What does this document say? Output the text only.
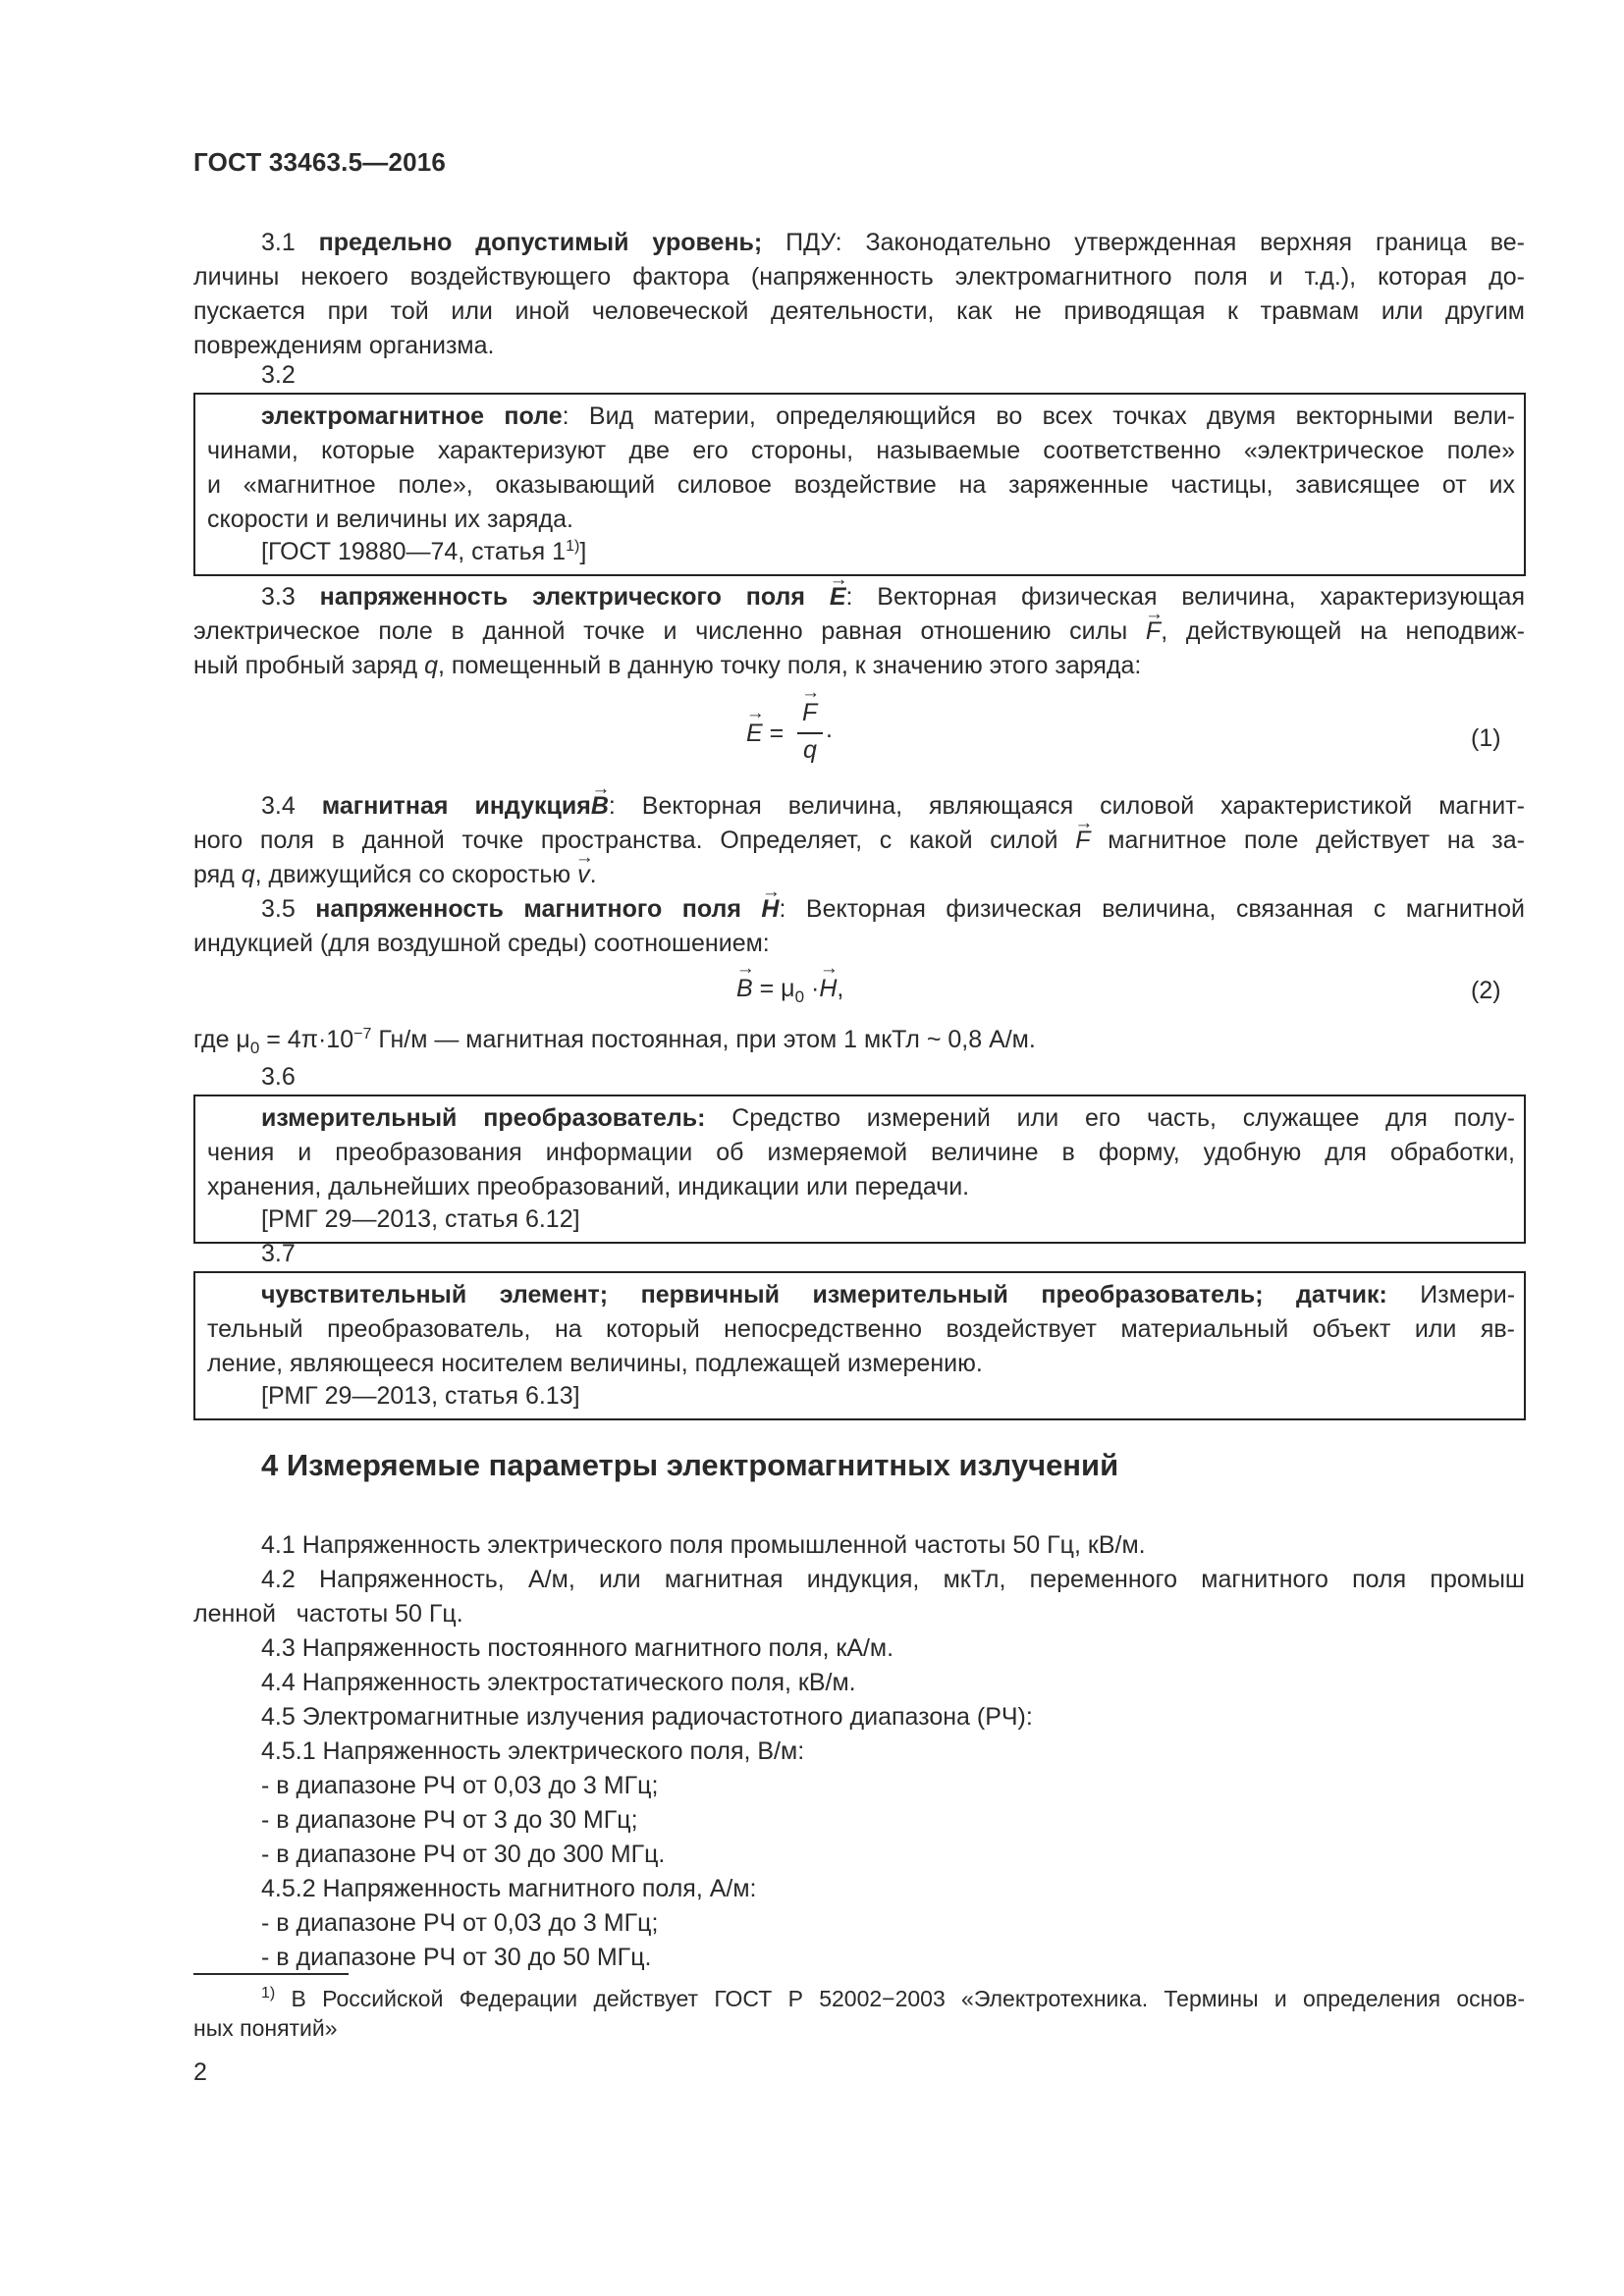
ГОСТ 33463.5—2016
3.1 предельно допустимый уровень; ПДУ: Законодательно утвержденная верхняя граница ве-
личины некоего воздействующего фактора (напряженность электромагнитного поля и т.д.), которая до-
пускается при той или иной человеческой деятельности, как не приводящая к травмам или другим
повреждениям организма.
3.2
электромагнитное поле: Вид материи, определяющийся во всех точках двумя векторными вели-
чинами, которые характеризуют две его стороны, называемые соответственно «электрическое поле»
и «магнитное поле», оказывающий силовое воздействие на заряженные частицы, зависящее от их
скорости и величины их заряда.
[ГОСТ 19880—74, статья 1$^{1)}$]
3.3 напряженность электрического поля → E: Векторная физическая величина, характеризующая
электрическое поле в данной точке и численно равная отношению силы → F, действующей на неподвиж-
ный пробный заряд q, помещенный в данную точку поля, к значению этого заряда:
→ E =
→ F
q
.	(1)
3.4 магнитная индукция→ B: Векторная величина, являющаяся силовой характеристикой магнит-
ного поля в данной точке пространства. Определяет, с какой силой → F магнитное поле действует на за-
ряд q, движущийся со скоростью → v.
3.5 напряженность магнитного поля → H: Векторная физическая величина, связанная с магнитной
индукцией (для воздушной среды) соотношением:
→ $B = \mu_0 \cdot\to H$,	(2)
где $\mu_0 = 4\pi\cdot 10^{-7}$ Гн/м — магнитная постоянная, при этом 1 мкТл ~ 0,8 А/м.
3.6
измерительный преобразователь: Средство измерений или его часть, служащее для полу-
чения и преобразования информации об измеряемой величине в форму, удобную для обработки,
хранения, дальнейших преобразований, индикации или передачи.
[РМГ 29—2013, статья 6.12]
3.7
чувствительный элемент; первичный измерительный преобразователь; датчик: Измери-
тельный преобразователь, на который непосредственно воздействует материальный объект или яв-
ление, являющееся носителем величины, подлежащей измерению.
[РМГ 29—2013, статья 6.13]
4 Измеряемые параметры электромагнитных излучений
4.1 Напряженность электрического поля промышленной частоты 50 Гц, кВ/м.
4.2 Напряженность, А/м, или магнитная индукция, мкТл, переменного магнитного поля промыш
ленной   частоты 50 Гц.
4.3 Напряженность постоянного магнитного поля, кА/м.
4.4 Напряженность электростатического поля, кВ/м.
4.5 Электромагнитные излучения радиочастотного диапазона (РЧ):
4.5.1 Напряженность электрического поля, В/м:
- в диапазоне РЧ от 0,03 до 3 МГц;
- в диапазоне РЧ от 3 до 30 МГц;
- в диапазоне РЧ от 30 до 300 МГц.
4.5.2 Напряженность магнитного поля, А/м:
- в диапазоне РЧ от 0,03 до 3 МГц;
- в диапазоне РЧ от 30 до 50 МГц.
$^{1)}$ В Российской Федерации действует ГОСТ Р 52002−2003 «Электротехника. Термины и определения основ-
ных понятий»
2
